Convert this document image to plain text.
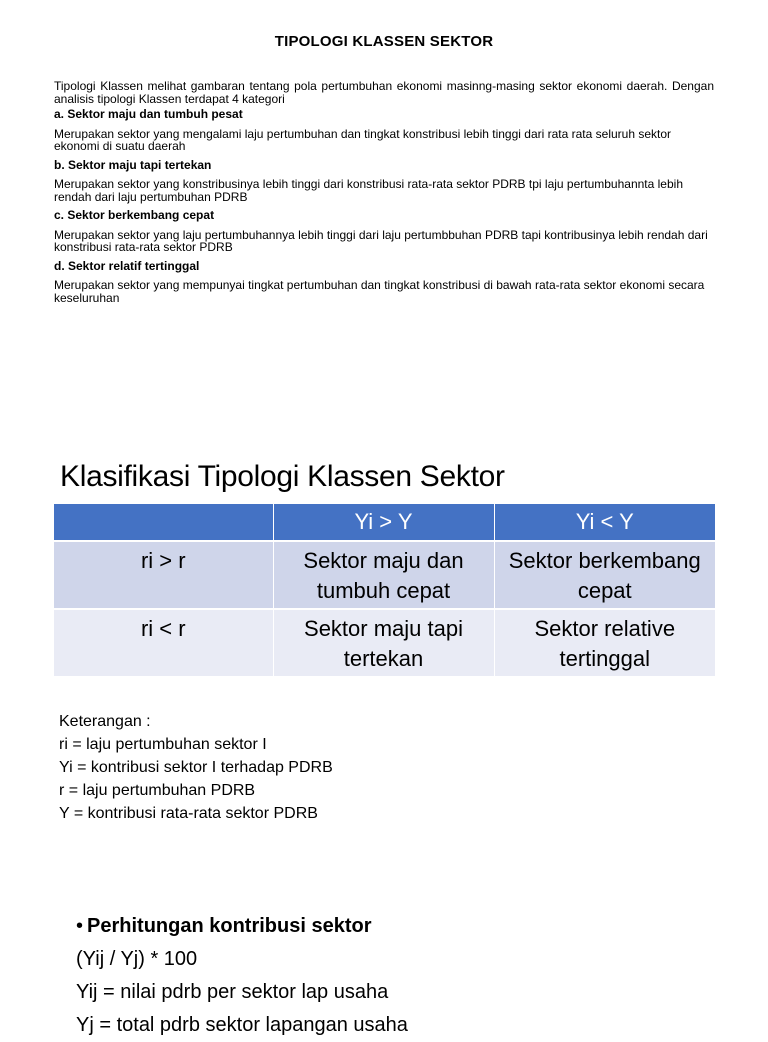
TIPOLOGI KLASSEN SEKTOR

Tipologi Klassen melihat gambaran tentang pola pertumbuhan ekonomi masinng-masing sektor ekonomi daerah. Dengan analisis tipologi Klassen terdapat 4 kategori

a. Sektor maju dan tumbuh pesat

Merupakan sektor yang mengalami laju pertumbuhan dan tingkat konstribusi lebih tinggi dari rata rata seluruh sektor ekonomi di suatu daerah

b. Sektor maju tapi tertekan

Merupakan sektor yang konstribusinya lebih tinggi dari konstribusi rata-rata sektor PDRB tpi laju pertumbuhannta lebih rendah dari laju pertumbuhan PDRB

c. Sektor berkembang cepat

Merupakan sektor yang laju pertumbuhannya lebih tinggi dari laju pertumbbuhan PDRB tapi kontribusinya lebih rendah dari konstribusi rata-rata sektor PDRB

d. Sektor relatif tertinggal

Merupakan sektor yang mempunyai tingkat pertumbuhan dan tingkat konstribusi di bawah rata-rata sektor ekonomi secara keseluruhan

Klasifikasi Tipologi Klassen Sektor
	Yi > Y	Yi < Y
ri > r	Sektor maju dan tumbuh cepat	Sektor berkembang cepat
ri < r	Sektor maju tapi tertekan	Sektor relative tertinggal

Keterangan :

ri = laju pertumbuhan sektor I

Yi = kontribusi sektor I terhadap PDRB

r = laju pertumbuhan PDRB

Y = kontribusi rata-rata sektor PDRB

• Perhitungan kontribusi sektor

(Yij / Yj) * 100

Yij = nilai pdrb per sektor lap usaha

Yj = total pdrb sektor lapangan usaha
